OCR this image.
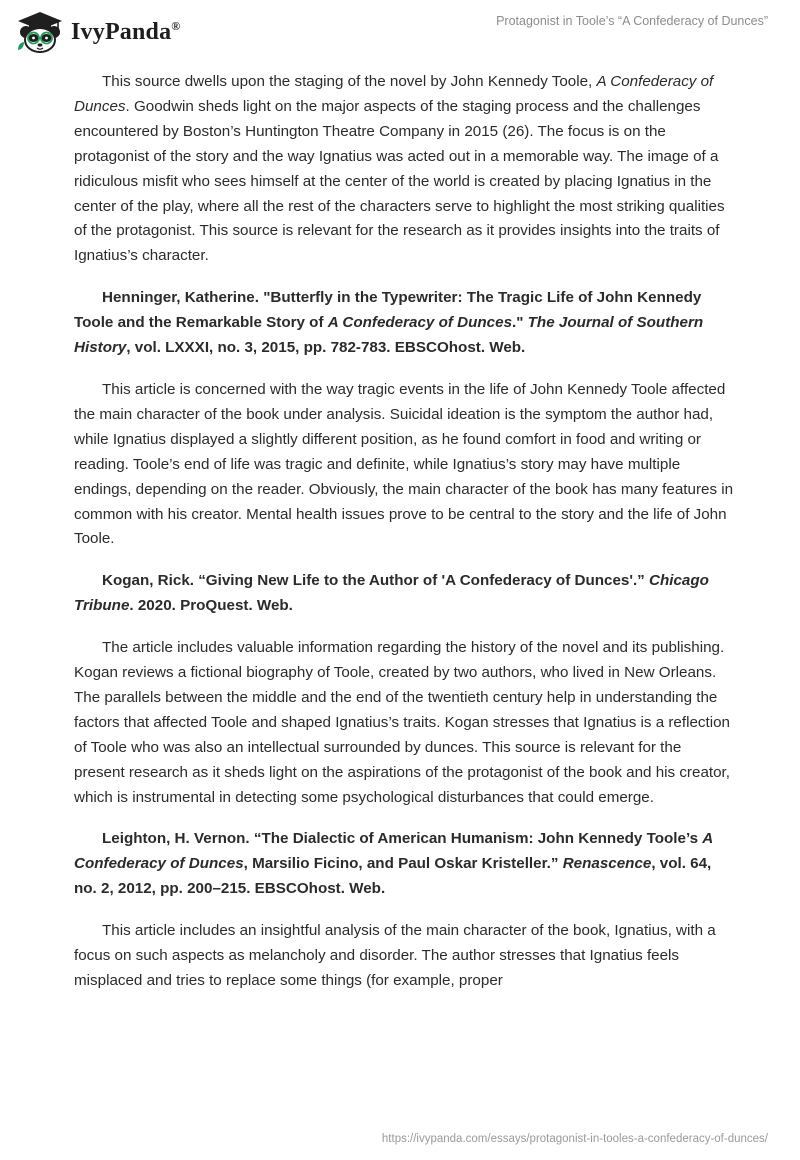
IvyPanda®	Protagonist in Toole’s “A Confederacy of Dunces”

This source dwells upon the staging of the novel by John Kennedy Toole, A Confederacy of Dunces. Goodwin sheds light on the major aspects of the staging process and the challenges encountered by Boston’s Huntington Theatre Company in 2015 (26). The focus is on the protagonist of the story and the way Ignatius was acted out in a memorable way. The image of a ridiculous misfit who sees himself at the center of the world is created by placing Ignatius in the center of the play, where all the rest of the characters serve to highlight the most striking qualities of the protagonist. This source is relevant for the research as it provides insights into the traits of Ignatius’s character.

Henninger, Katherine. "Butterfly in the Typewriter: The Tragic Life of John Kennedy Toole and the Remarkable Story of A Confederacy of Dunces." The Journal of Southern History, vol. LXXXI, no. 3, 2015, pp. 782-783. EBSCOhost. Web.

This article is concerned with the way tragic events in the life of John Kennedy Toole affected the main character of the book under analysis. Suicidal ideation is the symptom the author had, while Ignatius displayed a slightly different position, as he found comfort in food and writing or reading. Toole’s end of life was tragic and definite, while Ignatius’s story may have multiple endings, depending on the reader. Obviously, the main character of the book has many features in common with his creator. Mental health issues prove to be central to the story and the life of John Toole.

Kogan, Rick. “Giving New Life to the Author of 'A Confederacy of Dunces'.” Chicago Tribune. 2020. ProQuest. Web.

The article includes valuable information regarding the history of the novel and its publishing. Kogan reviews a fictional biography of Toole, created by two authors, who lived in New Orleans. The parallels between the middle and the end of the twentieth century help in understanding the factors that affected Toole and shaped Ignatius’s traits. Kogan stresses that Ignatius is a reflection of Toole who was also an intellectual surrounded by dunces. This source is relevant for the present research as it sheds light on the aspirations of the protagonist of the book and his creator, which is instrumental in detecting some psychological disturbances that could emerge.

Leighton, H. Vernon. “The Dialectic of American Humanism: John Kennedy Toole’s A Confederacy of Dunces, Marsilio Ficino, and Paul Oskar Kristeller.” Renascence, vol. 64, no. 2, 2012, pp. 200–215. EBSCOhost. Web.

This article includes an insightful analysis of the main character of the book, Ignatius, with a focus on such aspects as melancholy and disorder. The author stresses that Ignatius feels misplaced and tries to replace some things (for example, proper

https://ivypanda.com/essays/protagonist-in-tooles-a-confederacy-of-dunces/
